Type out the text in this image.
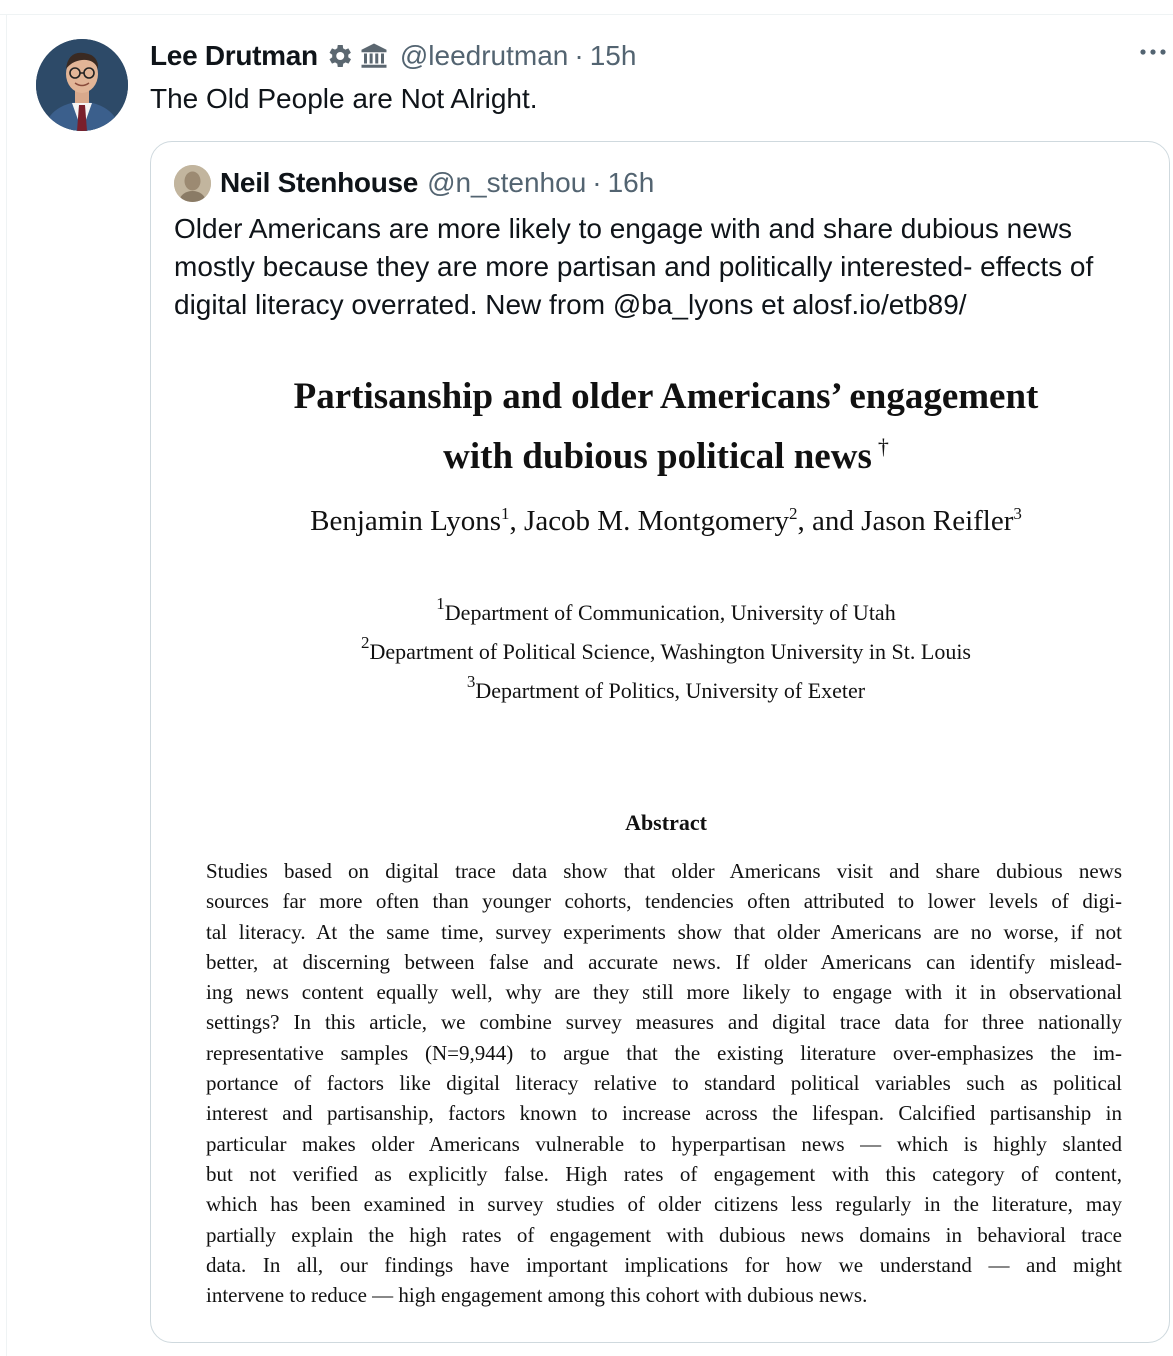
Lee Drutman	@leedrutman · 15h
The Old People are Not Alright.
Neil Stenhouse @n_stenhou · 16h
Older Americans are more likely to engage with and share dubious news mostly because they are more partisan and politically interested- effects of digital literacy overrated. New from @ba_lyons et alosf.io/etb89/
Partisanship and older Americans’ engagement
with dubious political news †
Benjamin Lyons$^1$, Jacob M. Montgomery$^2$, and Jason Reifler$^3$
$^1$Department of Communication, University of Utah
$^2$Department of Political Science, Washington University in St. Louis
$^3$Department of Politics, University of Exeter
Abstract
Studies based on digital trace data show that older Americans visit and share dubious news
sources far more often than younger cohorts, tendencies often attributed to lower levels of digi-
tal literacy. At the same time, survey experiments show that older Americans are no worse, if not
better, at discerning between false and accurate news. If older Americans can identify mislead-
ing news content equally well, why are they still more likely to engage with it in observational
settings? In this article, we combine survey measures and digital trace data for three nationally
representative samples (N=9,944) to argue that the existing literature over-emphasizes the im-
portance of factors like digital literacy relative to standard political variables such as political
interest and partisanship, factors known to increase across the lifespan. Calcified partisanship in
particular makes older Americans vulnerable to hyperpartisan news — which is highly slanted
but not verified as explicitly false. High rates of engagement with this category of content,
which has been examined in survey studies of older citizens less regularly in the literature, may
partially explain the high rates of engagement with dubious news domains in behavioral trace
data. In all, our findings have important implications for how we understand — and might
intervene to reduce — high engagement among this cohort with dubious news.
